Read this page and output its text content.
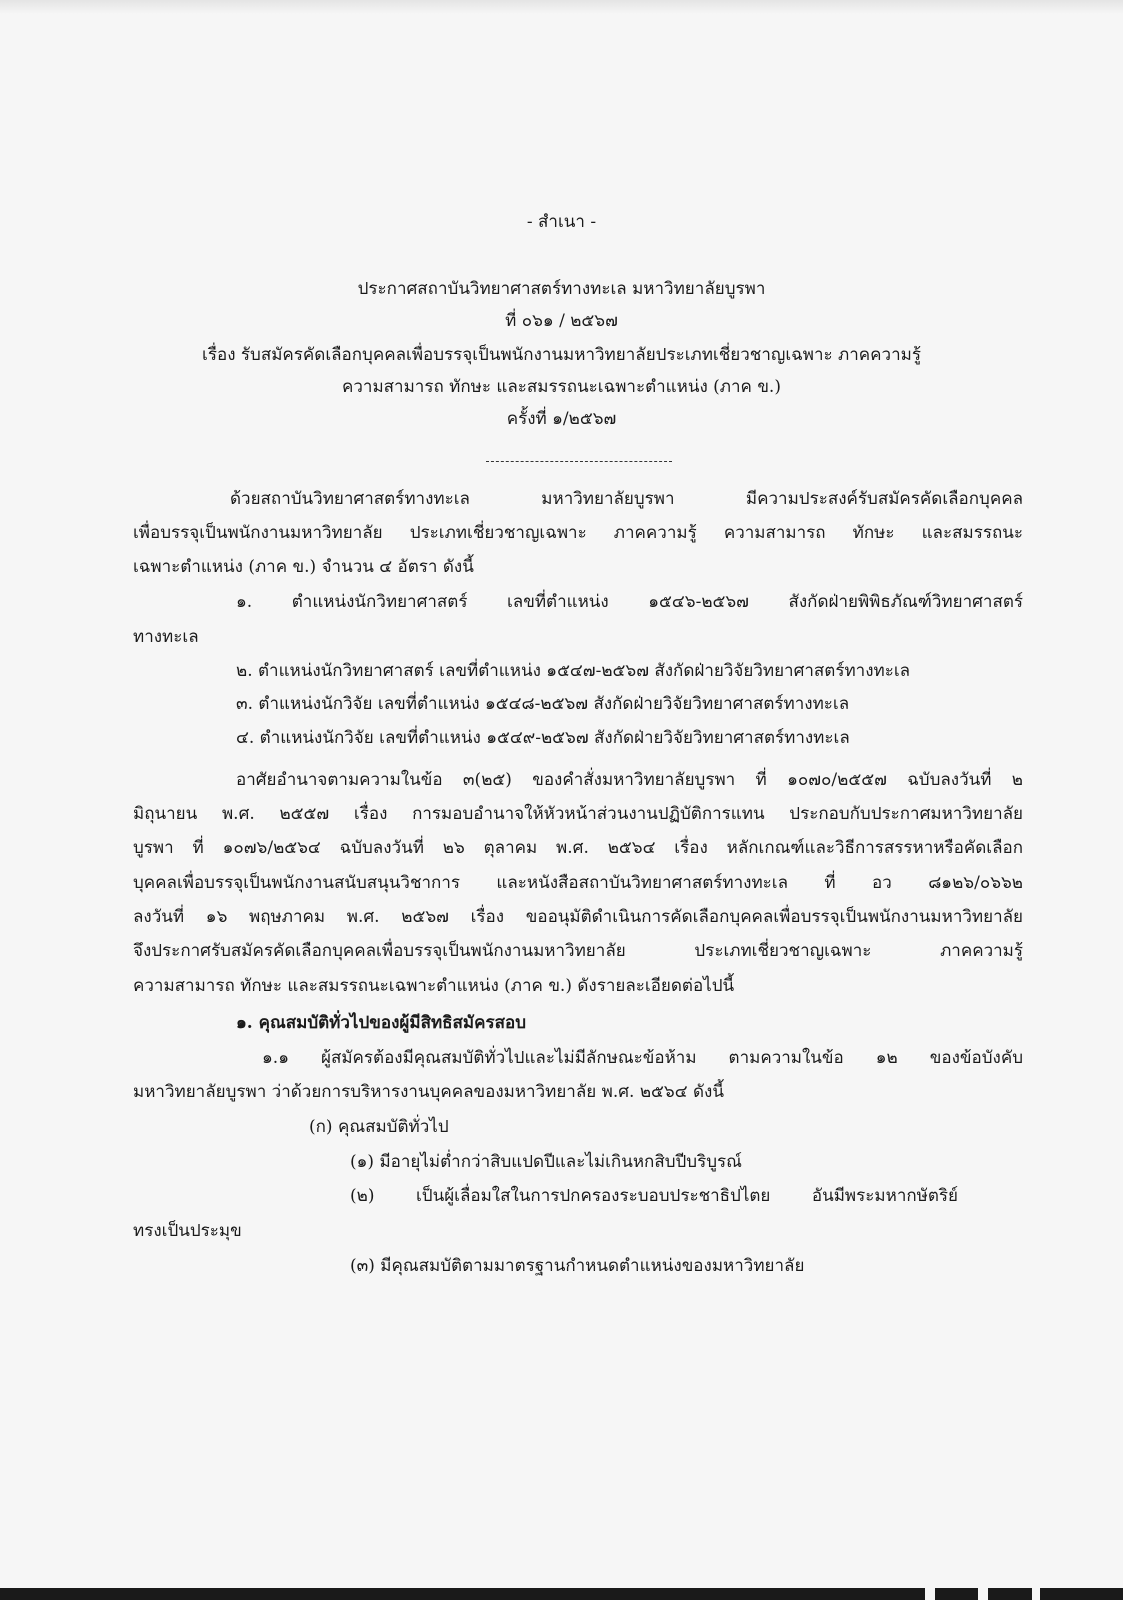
- สำเนา -
ประกาศสถาบันวิทยาศาสตร์ทางทะเล มหาวิทยาลัยบูรพา
ที่ ๐๖๑ / ๒๕๖๗
เรื่อง รับสมัครคัดเลือกบุคคลเพื่อบรรจุเป็นพนักงานมหาวิทยาลัยประเภทเชี่ยวชาญเฉพาะ ภาคความรู้
ความสามารถ ทักษะ และสมรรถนะเฉพาะตำแหน่ง (ภาค ข.)
ครั้งที่ ๑/๒๕๖๗
ด้วยสถาบันวิทยาศาสตร์ทางทะเล มหาวิทยาลัยบูรพา มีความประสงค์รับสมัครคัดเลือกบุคคล
เพื่อบรรจุเป็นพนักงานมหาวิทยาลัย ประเภทเชี่ยวชาญเฉพาะ ภาคความรู้ ความสามารถ ทักษะ และสมรรถนะ
เฉพาะตำแหน่ง (ภาค ข.) จำนวน ๔ อัตรา ดังนี้
๑. ตำแหน่งนักวิทยาศาสตร์ เลขที่ตำแหน่ง ๑๕๔๖-๒๕๖๗ สังกัดฝ่ายพิพิธภัณฑ์วิทยาศาสตร์
ทางทะเล
๒. ตำแหน่งนักวิทยาศาสตร์ เลขที่ตำแหน่ง ๑๕๔๗-๒๕๖๗ สังกัดฝ่ายวิจัยวิทยาศาสตร์ทางทะเล
๓. ตำแหน่งนักวิจัย เลขที่ตำแหน่ง ๑๕๔๘-๒๕๖๗ สังกัดฝ่ายวิจัยวิทยาศาสตร์ทางทะเล
๔. ตำแหน่งนักวิจัย เลขที่ตำแหน่ง ๑๕๔๙-๒๕๖๗ สังกัดฝ่ายวิจัยวิทยาศาสตร์ทางทะเล
อาศัยอำนาจตามความในข้อ ๓(๒๕) ของคำสั่งมหาวิทยาลัยบูรพา ที่ ๑๐๗๐/๒๕๕๗ ฉบับลงวันที่ ๒
มิถุนายน พ.ศ. ๒๕๕๗ เรื่อง การมอบอำนาจให้หัวหน้าส่วนงานปฏิบัติการแทน ประกอบกับประกาศมหาวิทยาลัย
บูรพา ที่ ๑๐๗๖/๒๕๖๔ ฉบับลงวันที่ ๒๖ ตุลาคม พ.ศ. ๒๕๖๔ เรื่อง หลักเกณฑ์และวิธีการสรรหาหรือคัดเลือก
บุคคลเพื่อบรรจุเป็นพนักงานสนับสนุนวิชาการ และหนังสือสถาบันวิทยาศาสตร์ทางทะเล ที่ อว ๘๑๒๖/๐๖๖๒
ลงวันที่ ๑๖ พฤษภาคม พ.ศ. ๒๕๖๗ เรื่อง ขออนุมัติดำเนินการคัดเลือกบุคคลเพื่อบรรจุเป็นพนักงานมหาวิทยาลัย
จึงประกาศรับสมัครคัดเลือกบุคคลเพื่อบรรจุเป็นพนักงานมหาวิทยาลัย ประเภทเชี่ยวชาญเฉพาะ ภาคความรู้
ความสามารถ ทักษะ และสมรรถนะเฉพาะตำแหน่ง (ภาค ข.) ดังรายละเอียดต่อไปนี้
๑. คุณสมบัติทั่วไปของผู้มีสิทธิสมัครสอบ
๑.๑ ผู้สมัครต้องมีคุณสมบัติทั่วไปและไม่มีลักษณะข้อห้าม ตามความในข้อ ๑๒ ของข้อบังคับ
มหาวิทยาลัยบูรพา ว่าด้วยการบริหารงานบุคคลของมหาวิทยาลัย พ.ศ. ๒๕๖๔ ดังนี้
(ก) คุณสมบัติทั่วไป
(๑) มีอายุไม่ต่ำกว่าสิบแปดปีและไม่เกินหกสิบปีบริบูรณ์
(๒) เป็นผู้เลื่อมใสในการปกครองระบอบประชาธิปไตย อันมีพระมหากษัตริย์
ทรงเป็นประมุข
(๓) มีคุณสมบัติตามมาตรฐานกำหนดตำแหน่งของมหาวิทยาลัย
